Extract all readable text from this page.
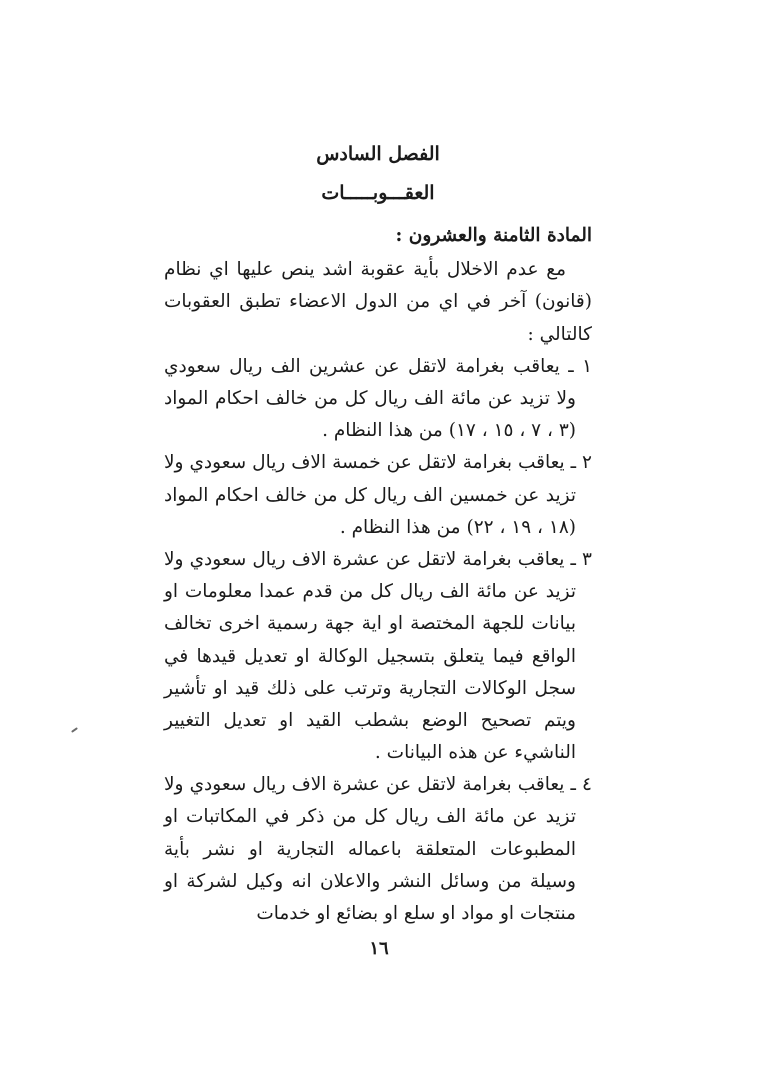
الفصل السادس
العقـــوبـــــات

المادة الثامنة والعشرون :

مع عدم الاخلال بأية عقوبة اشد ينص عليها اي نظام (قانون) آخر في اي من الدول الاعضاء تطبق العقوبات كالتالي :

١ ـ يعاقب بغرامة لاتقل عن عشرين الف ريال سعودي ولا تزيد عن مائة الف ريال كل من خالف احكام المواد (٣ ، ٧ ، ١٥ ، ١٧) من هذا النظام .

٢ ـ يعاقب بغرامة لاتقل عن خمسة الاف ريال سعودي ولا تزيد عن خمسين الف ريال كل من خالف احكام المواد (١٨ ، ١٩ ، ٢٢) من هذا النظام .

٣ ـ يعاقب بغرامة لاتقل عن عشرة الاف ريال سعودي ولا تزيد عن مائة الف ريال كل من قدم عمدا معلومات او بيانات للجهة المختصة او اية جهة رسمية اخرى تخالف الواقع فيما يتعلق بتسجيل الوكالة او تعديل قيدها في سجل الوكالات التجارية وترتب على ذلك قيد او تأشير ويتم تصحيح الوضع بشطب القيد او تعديل التغيير الناشيء عن هذه البيانات .

٤ ـ يعاقب بغرامة لاتقل عن عشرة الاف ريال سعودي ولا تزيد عن مائة الف ريال كل من ذكر في المكاتبات او المطبوعات المتعلقة باعماله التجارية او نشر بأية وسيلة من وسائل النشر والاعلان انه وكيل لشركة او منتجات او مواد او سلع او بضائع او خدمات

١٦
